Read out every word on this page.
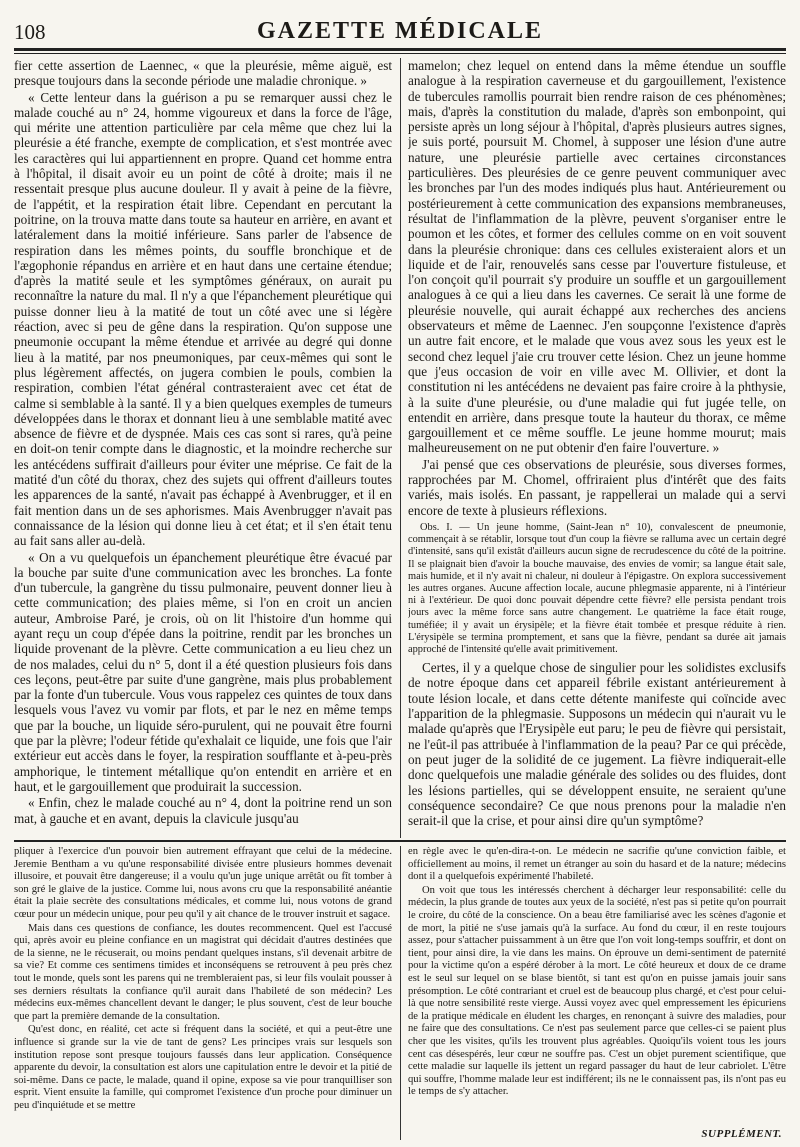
108	GAZETTE MÉDICALE

fier cette assertion de Laennec, « que la pleurésie, même aiguë, est presque toujours dans la seconde période une maladie chronique. »

« Cette lenteur dans la guérison a pu se remarquer aussi chez le malade couché au n° 24, homme vigoureux et dans la force de l'âge, qui mérite une attention particulière par cela même que chez lui la pleurésie a été franche, exempte de complication, et s'est montrée avec les caractères qui lui appartiennent en propre. Quand cet homme entra à l'hôpital, il disait avoir eu un point de côté à droite; mais il ne ressentait presque plus aucune douleur. Il y avait à peine de la fièvre, de l'appétit, et la respiration était libre. Cependant en percutant la poitrine, on la trouva matte dans toute sa hauteur en arrière, en avant et latéralement dans la moitié inférieure. Sans parler de l'absence de respiration dans les mêmes points, du souffle bronchique et de l'ægophonie répandus en arrière et en haut dans une certaine étendue; d'après la matité seule et les symptômes généraux, on aurait pu reconnaître la nature du mal. Il n'y a que l'épanchement pleurétique qui puisse donner lieu à la matité de tout un côté avec une si légère réaction, avec si peu de gêne dans la respiration. Qu'on suppose une pneumonie occupant la même étendue et arrivée au degré qui donne lieu à la matité, par nos pneumoniques, par ceux-mêmes qui sont le plus légèrement affectés, on jugera combien le pouls, combien la respiration, combien l'état général contrasteraient avec cet état de calme si semblable à la santé. Il y a bien quelques exemples de tumeurs développées dans le thorax et donnant lieu à une semblable matité avec absence de fièvre et de dyspnée. Mais ces cas sont si rares, qu'à peine en doit-on tenir compte dans le diagnostic, et la moindre recherche sur les antécédens suffirait d'ailleurs pour éviter une méprise. Ce fait de la matité d'un côté du thorax, chez des sujets qui offrent d'ailleurs toutes les apparences de la santé, n'avait pas échappé à Avenbrugger, et il en fait mention dans un de ses aphorismes. Mais Avenbrugger n'avait pas connaissance de la lésion qui donne lieu à cet état; et il s'en était tenu au fait sans aller au-delà.

« On a vu quelquefois un épanchement pleurétique être évacué par la bouche par suite d'une communication avec les bronches. La fonte d'un tubercule, la gangrène du tissu pulmonaire, peuvent donner lieu à cette communication; des plaies même, si l'on en croit un ancien auteur, Ambroise Paré, je crois, où on lit l'histoire d'un homme qui ayant reçu un coup d'épée dans la poitrine, rendit par les bronches un liquide provenant de la plèvre. Cette communication a eu lieu chez un de nos malades, celui du n° 5, dont il a été question plusieurs fois dans ces leçons, peut-être par suite d'une gangrène, mais plus probablement par la fonte d'un tubercule. Vous vous rappelez ces quintes de toux dans lesquels vous l'avez vu vomir par flots, et par le nez en même temps que par la bouche, un liquide séro-purulent, qui ne pouvait être fourni que par la plèvre; l'odeur fétide qu'exhalait ce liquide, une fois que l'air extérieur eut accès dans le foyer, la respiration soufflante et à-peu-près amphorique, le tintement métallique qu'on entendit en arrière et en haut, et le gargouillement que produirait la succession.

« Enfin, chez le malade couché au n° 4, dont la poitrine rend un son mat, à gauche et en avant, depuis la clavicule jusqu'au

mamelon; chez lequel on entend dans la même étendue un souffle analogue à la respiration caverneuse et du gargouillement, l'existence de tubercules ramollis pourrait bien rendre raison de ces phénomènes; mais, d'après la constitution du malade, d'après son embonpoint, qui persiste après un long séjour à l'hôpital, d'après plusieurs autres signes, je suis porté, poursuit M. Chomel, à supposer une lésion d'une autre nature, une pleurésie partielle avec certaines circonstances particulières. Des pleurésies de ce genre peuvent communiquer avec les bronches par l'un des modes indiqués plus haut. Antérieurement ou postérieurement à cette communication des expansions membraneuses, résultat de l'inflammation de la plèvre, peuvent s'organiser entre le poumon et les côtes, et former des cellules comme on en voit souvent dans la pleurésie chronique: dans ces cellules existeraient alors et un liquide et de l'air, renouvelés sans cesse par l'ouverture fistuleuse, et l'on conçoit qu'il pourrait s'y produire un souffle et un gargouillement analogues à ce qui a lieu dans les cavernes. Ce serait là une forme de pleurésie nouvelle, qui aurait échappé aux recherches des anciens observateurs et même de Laennec. J'en soupçonne l'existence d'après un autre fait encore, et le malade que vous avez sous les yeux est le second chez lequel j'aie cru trouver cette lésion. Chez un jeune homme que j'eus occasion de voir en ville avec M. Ollivier, et dont la constitution ni les antécédens ne devaient pas faire croire à la phthysie, à la suite d'une pleurésie, ou d'une maladie qui fut jugée telle, on entendit en arrière, dans presque toute la hauteur du thorax, ce même gargouillement et ce même souffle. Le jeune homme mourut; mais malheureusement on ne put obtenir d'en faire l'ouverture. »

J'ai pensé que ces observations de pleurésie, sous diverses formes, rapprochées par M. Chomel, offriraient plus d'intérêt que des faits variés, mais isolés. En passant, je rappellerai un malade qui a servi encore de texte à plusieurs réflexions.

Obs. I. — Un jeune homme, (Saint-Jean n° 10), convalescent de pneumonie, commençait à se rétablir, lorsque tout d'un coup la fièvre se ralluma avec un certain degré d'intensité, sans qu'il existât d'ailleurs aucun signe de recrudescence du côté de la poitrine. Il se plaignait bien d'avoir la bouche mauvaise, des envies de vomir; sa langue était sale, mais humide, et il n'y avait ni chaleur, ni douleur à l'épigastre. On explora successivement les autres organes. Aucune affection locale, aucune phlegmasie apparente, ni à l'intérieur ni à l'extérieur. De quoi donc pouvait dépendre cette fièvre? elle persista pendant trois jours avec la même force sans autre changement. Le quatrième la face était rouge, tuméfiée; il y avait un érysipèle; et la fièvre était tombée et presque réduite à rien. L'érysipèle se termina promptement, et sans que la fièvre, pendant sa durée ait jamais approché de l'intensité qu'elle avait primitivement.

Certes, il y a quelque chose de singulier pour les solidistes exclusifs de notre époque dans cet appareil fébrile existant antérieurement à toute lésion locale, et dans cette détente manifeste qui coïncide avec l'apparition de la phlegmasie. Supposons un médecin qui n'aurait vu le malade qu'après que l'Erysipèle eut paru; le peu de fièvre qui persistait, ne l'eût-il pas attribuée à l'inflammation de la peau? Par ce qui précède, on peut juger de la solidité de ce jugement. La fièvre indiquerait-elle donc quelquefois une maladie générale des solides ou des fluides, dont les lésions partielles, qui se développent ensuite, ne seraient qu'une conséquence secondaire? Ce que nous prenons pour la maladie n'en serait-il que la crise, et pour ainsi dire qu'un symptôme?

pliquer à l'exercice d'un pouvoir bien autrement effrayant que celui de la médecine. Jeremie Bentham a vu qu'une responsabilité divisée entre plusieurs hommes devenait illusoire, et pouvait être dangereuse; il a voulu qu'un juge unique arrêtât ou fît tomber à son gré le glaive de la justice. Comme lui, nous avons cru que la responsabilité anéantie était la plaie secrète des consultations médicales, et comme lui, nous votons de grand cœur pour un médecin unique, pour peu qu'il y ait chance de le trouver instruit et sagace.

Mais dans ces questions de confiance, les doutes recommencent. Quel est l'accusé qui, après avoir eu pleine confiance en un magistrat qui décidait d'autres destinées que de la sienne, ne le récuserait, ou moins pendant quelques instans, s'il devenait arbitre de sa vie? Et comme ces sentimens timides et inconséquens se retrouvent à peu près chez tout le monde, quels sont les parens qui ne trembleraient pas, si leur fils voulait pousser à ses derniers résultats la confiance qu'il aurait dans l'habileté de son médecin? Les médecins eux-mêmes chancellent devant le danger; le plus souvent, c'est de leur bouche que part la première demande de la consultation.

Qu'est donc, en réalité, cet acte si fréquent dans la société, et qui a peut-être une influence si grande sur la vie de tant de gens? Les principes vrais sur lesquels son institution repose sont presque toujours faussés dans leur application. Conséquence apparente du devoir, la consultation est alors une capitulation entre le devoir et la pitié de soi-même. Dans ce pacte, le malade, quand il opine, expose sa vie pour tranquilliser son esprit. Vient ensuite la famille, qui compromet l'existence d'un proche pour diminuer un peu d'inquiétude et se mettre

en règle avec le qu'en-dira-t-on. Le médecin ne sacrifie qu'une conviction faible, et officiellement au moins, il remet un étranger au soin du hasard et de la nature; médecins dont il a quelquefois expérimenté l'habileté.

On voit que tous les intéressés cherchent à décharger leur responsabilité: celle du médecin, la plus grande de toutes aux yeux de la société, n'est pas si petite qu'on pourrait le croire, du côté de la conscience. On a beau être familiarisé avec les scènes d'agonie et de mort, la pitié ne s'use jamais qu'à la surface. Au fond du cœur, il en reste toujours assez, pour s'attacher puissamment à un être que l'on voit long-temps souffrir, et dont on tient, pour ainsi dire, la vie dans les mains. On éprouve un demi-sentiment de paternité pour la victime qu'on a espéré dérober à la mort. Le côté heureux et doux de ce drame est le seul sur lequel on se blase bientôt, si tant est qu'on en puisse jamais jouir sans présomption. Le côté contrariant et cruel est de beaucoup plus chargé, et c'est pour celui-là que notre sensibilité reste vierge. Aussi voyez avec quel empressement les épicuriens de la pratique médicale en éludent les charges, en renonçant à suivre des maladies, pour ne faire que des consultations. Ce n'est pas seulement parce que celles-ci se paient plus cher que les visites, qu'ils les trouvent plus agréables. Quoiqu'ils voient tous les jours cent cas désespérés, leur cœur ne souffre pas. C'est un objet purement scientifique, que cette maladie sur laquelle ils jettent un regard passager du haut de leur cabriolet. L'être qui souffre, l'homme malade leur est indifférent; ils ne le connaissent pas, ils n'ont pas eu le temps de s'y attacher.

SUPPLÉMENT.
